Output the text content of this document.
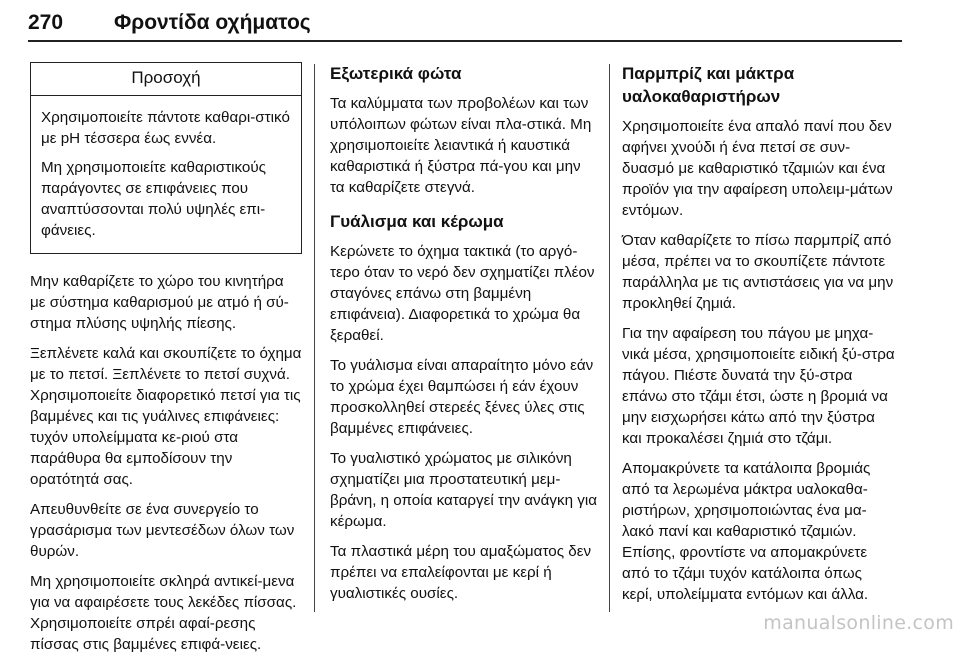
270 Φροντίδα οχήματος
Προσοχή

Χρησιμοποιείτε πάντοτε καθαρι-στικό με pH τέσσερα έως εννέα.

Μη χρησιμοποιείτε καθαριστικούς παράγοντες σε επιφάνειες που αναπτύσσονται πολύ υψηλές επι-φάνειες.

Μην καθαρίζετε το χώρο του κινητήρα με σύστημα καθαρισμού με ατμό ή σύ-στημα πλύσης υψηλής πίεσης.

Ξεπλένετε καλά και σκουπίζετε το όχημα με το πετσί. Ξεπλένετε το πετσί συχνά. Χρησιμοποιείτε διαφορετικό πετσί για τις βαμμένες και τις γυάλινες επιφάνειες: τυχόν υπολείμματα κε-ριού στα παράθυρα θα εμποδίσουν την ορατότητά σας.

Απευθυνθείτε σε ένα συνεργείο το γρασάρισμα των μεντεσέδων όλων των θυρών.

Μη χρησιμοποιείτε σκληρά αντικεί-μενα για να αφαιρέσετε τους λεκέδες πίσσας. Χρησιμοποιείτε σπρέι αφαί-ρεσης πίσσας στις βαμμένες επιφά-νειες.

Εξωτερικά φώτα

Τα καλύμματα των προβολέων και των υπόλοιπων φώτων είναι πλα-στικά. Μη χρησιμοποιείτε λειαντικά ή καυστικά καθαριστικά ή ξύστρα πά-γου και μην τα καθαρίζετε στεγνά.

Γυάλισμα και κέρωμα

Κερώνετε το όχημα τακτικά (το αργό-τερο όταν το νερό δεν σχηματίζει πλέον σταγόνες επάνω στη βαμμένη επιφάνεια). Διαφορετικά το χρώμα θα ξεραθεί.

Το γυάλισμα είναι απαραίτητο μόνο εάν το χρώμα έχει θαμπώσει ή εάν έχουν προσκολληθεί στερεές ξένες ύλες στις βαμμένες επιφάνειες.

Το γυαλιστικό χρώματος με σιλικόνη σχηματίζει μια προστατευτική μεμ-βράνη, η οποία καταργεί την ανάγκη για κέρωμα.

Τα πλαστικά μέρη του αμαξώματος δεν πρέπει να επαλείφονται με κερί ή γυαλιστικές ουσίες.

Παρμπρίζ και μάκτρα υαλοκαθαριστήρων

Χρησιμοποιείτε ένα απαλό πανί που δεν αφήνει χνούδι ή ένα πετσί σε συν-δυασμό με καθαριστικό τζαμιών και ένα προϊόν για την αφαίρεση υπολειμ-μάτων εντόμων.

Όταν καθαρίζετε το πίσω παρμπρίζ από μέσα, πρέπει να το σκουπίζετε πάντοτε παράλληλα με τις αντιστάσεις για να μην προκληθεί ζημιά.

Για την αφαίρεση του πάγου με μηχα-νικά μέσα, χρησιμοποιείτε ειδική ξύ-στρα πάγου. Πιέστε δυνατά την ξύ-στρα επάνω στο τζάμι έτσι, ώστε η βρομιά να μην εισχωρήσει κάτω από την ξύστρα και προκαλέσει ζημιά στο τζάμι.

Απομακρύνετε τα κατάλοιπα βρομιάς από τα λερωμένα μάκτρα υαλοκαθα-ριστήρων, χρησιμοποιώντας ένα μα-λακό πανί και καθαριστικό τζαμιών. Επίσης, φροντίστε να απομακρύνετε από το τζάμι τυχόν κατάλοιπα όπως κερί, υπολείμματα εντόμων και άλλα.

manualsonline.com
